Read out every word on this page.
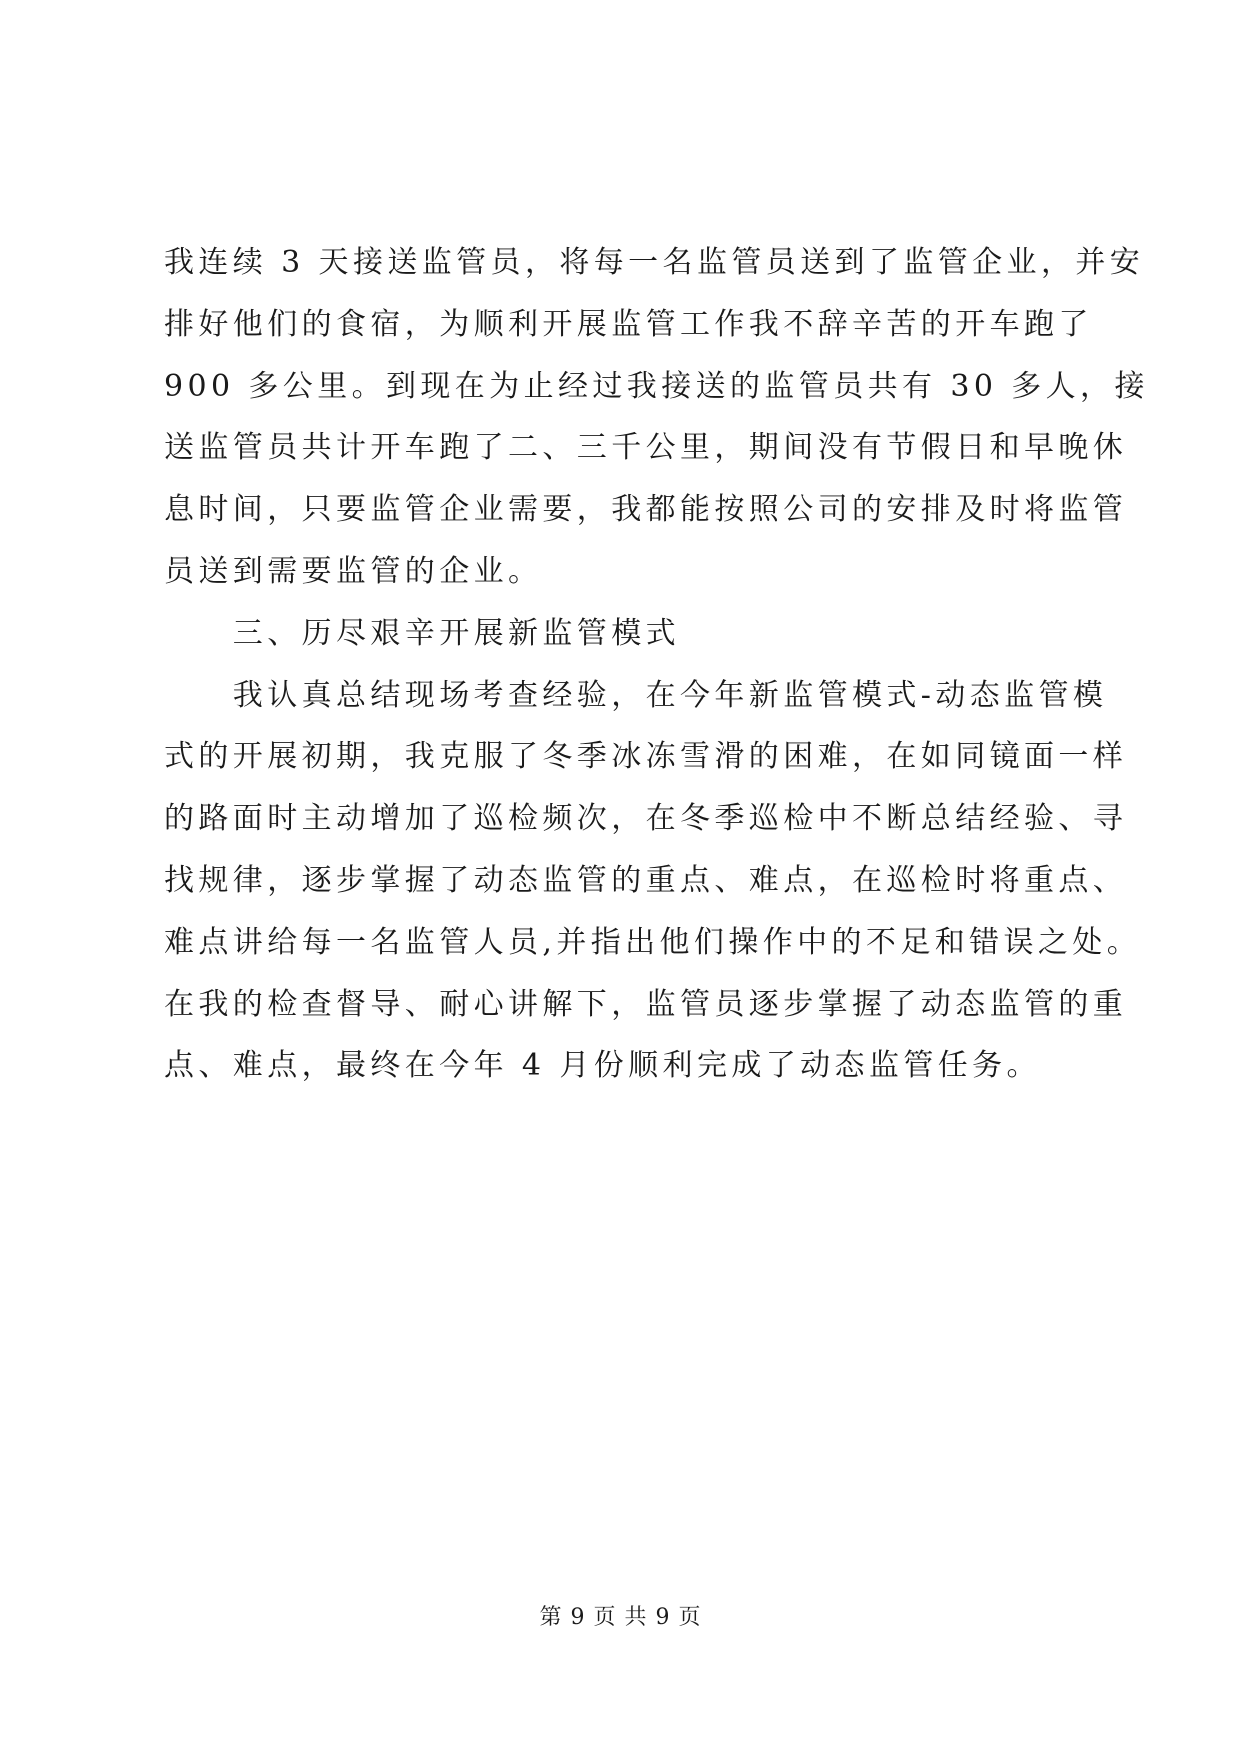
我连续 3 天接送监管员，将每一名监管员送到了监管企业，并安
排好他们的食宿，为顺利开展监管工作我不辞辛苦的开车跑了
900 多公里。到现在为止经过我接送的监管员共有 30 多人，接
送监管员共计开车跑了二、三千公里，期间没有节假日和早晚休
息时间，只要监管企业需要，我都能按照公司的安排及时将监管
员送到需要监管的企业。
　　三、历尽艰辛开展新监管模式
　　我认真总结现场考查经验，在今年新监管模式-动态监管模
式的开展初期，我克服了冬季冰冻雪滑的困难，在如同镜面一样
的路面时主动增加了巡检频次，在冬季巡检中不断总结经验、寻
找规律，逐步掌握了动态监管的重点、难点，在巡检时将重点、
难点讲给每一名监管人员,并指出他们操作中的不足和错误之处。
在我的检查督导、耐心讲解下，监管员逐步掌握了动态监管的重
点、难点，最终在今年 4 月份顺利完成了动态监管任务。
第 9 页 共 9 页
